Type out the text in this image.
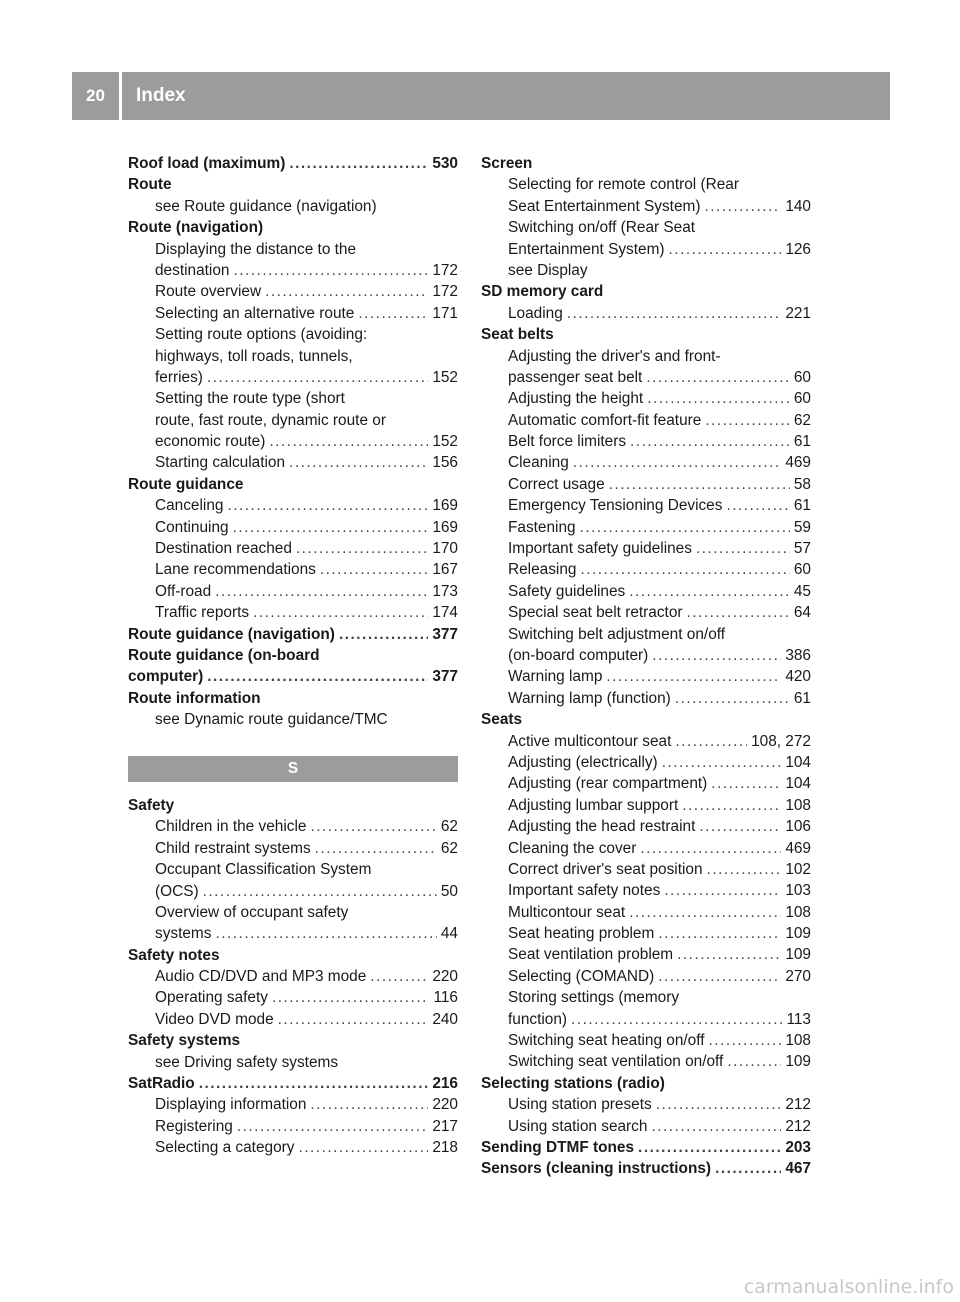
20	Index
Roof load (maximum) .....	530
Route
see Route guidance (navigation)
Route (navigation)
Displaying the distance to the
destination .....	172
Route overview .....	172
Selecting an alternative route .....	171
Setting route options (avoiding:
highways, toll roads, tunnels,
ferries) .....	152
Setting the route type (short
route, fast route, dynamic route or
economic route) .....	152
Starting calculation .....	156
Route guidance
Canceling .....	169
Continuing .....	169
Destination reached .....	170
Lane recommendations .....	167
Off-road .....	173
Traffic reports .....	174
Route guidance (navigation) .....	377
Route guidance (on-board
computer) .....	377
Route information
see Dynamic route guidance/TMC
S
Safety
Children in the vehicle .....	62
Child restraint systems .....	62
Occupant Classification System
(OCS) .....	50
Overview of occupant safety
systems .....	44
Safety notes
Audio CD/DVD and MP3 mode .....	220
Operating safety .....	116
Video DVD mode .....	240
Safety systems
see Driving safety systems
SatRadio .....	216
Displaying information .....	220
Registering .....	217
Selecting a category .....	218
Screen
Selecting for remote control (Rear
Seat Entertainment System) .....	140
Switching on/off (Rear Seat
Entertainment System) .....	126
see Display
SD memory card
Loading .....	221
Seat belts
Adjusting the driver's and front-
passenger seat belt .....	60
Adjusting the height .....	60
Automatic comfort-fit feature .....	62
Belt force limiters .....	61
Cleaning .....	469
Correct usage .....	58
Emergency Tensioning Devices .....	61
Fastening .....	59
Important safety guidelines .....	57
Releasing .....	60
Safety guidelines .....	45
Special seat belt retractor .....	64
Switching belt adjustment on/off
(on-board computer) .....	386
Warning lamp .....	420
Warning lamp (function) .....	61
Seats
Active multicontour seat .....	108, 272
Adjusting (electrically) .....	104
Adjusting (rear compartment) .....	104
Adjusting lumbar support .....	108
Adjusting the head restraint .....	106
Cleaning the cover .....	469
Correct driver's seat position .....	102
Important safety notes .....	103
Multicontour seat .....	108
Seat heating problem .....	109
Seat ventilation problem .....	109
Selecting (COMAND) .....	270
Storing settings (memory
function) .....	113
Switching seat heating on/off .....	108
Switching seat ventilation on/off .....	109
Selecting stations (radio)
Using station presets .....	212
Using station search .....	212
Sending DTMF tones .....	203
Sensors (cleaning instructions) .....	467
carmanualsonline.info
